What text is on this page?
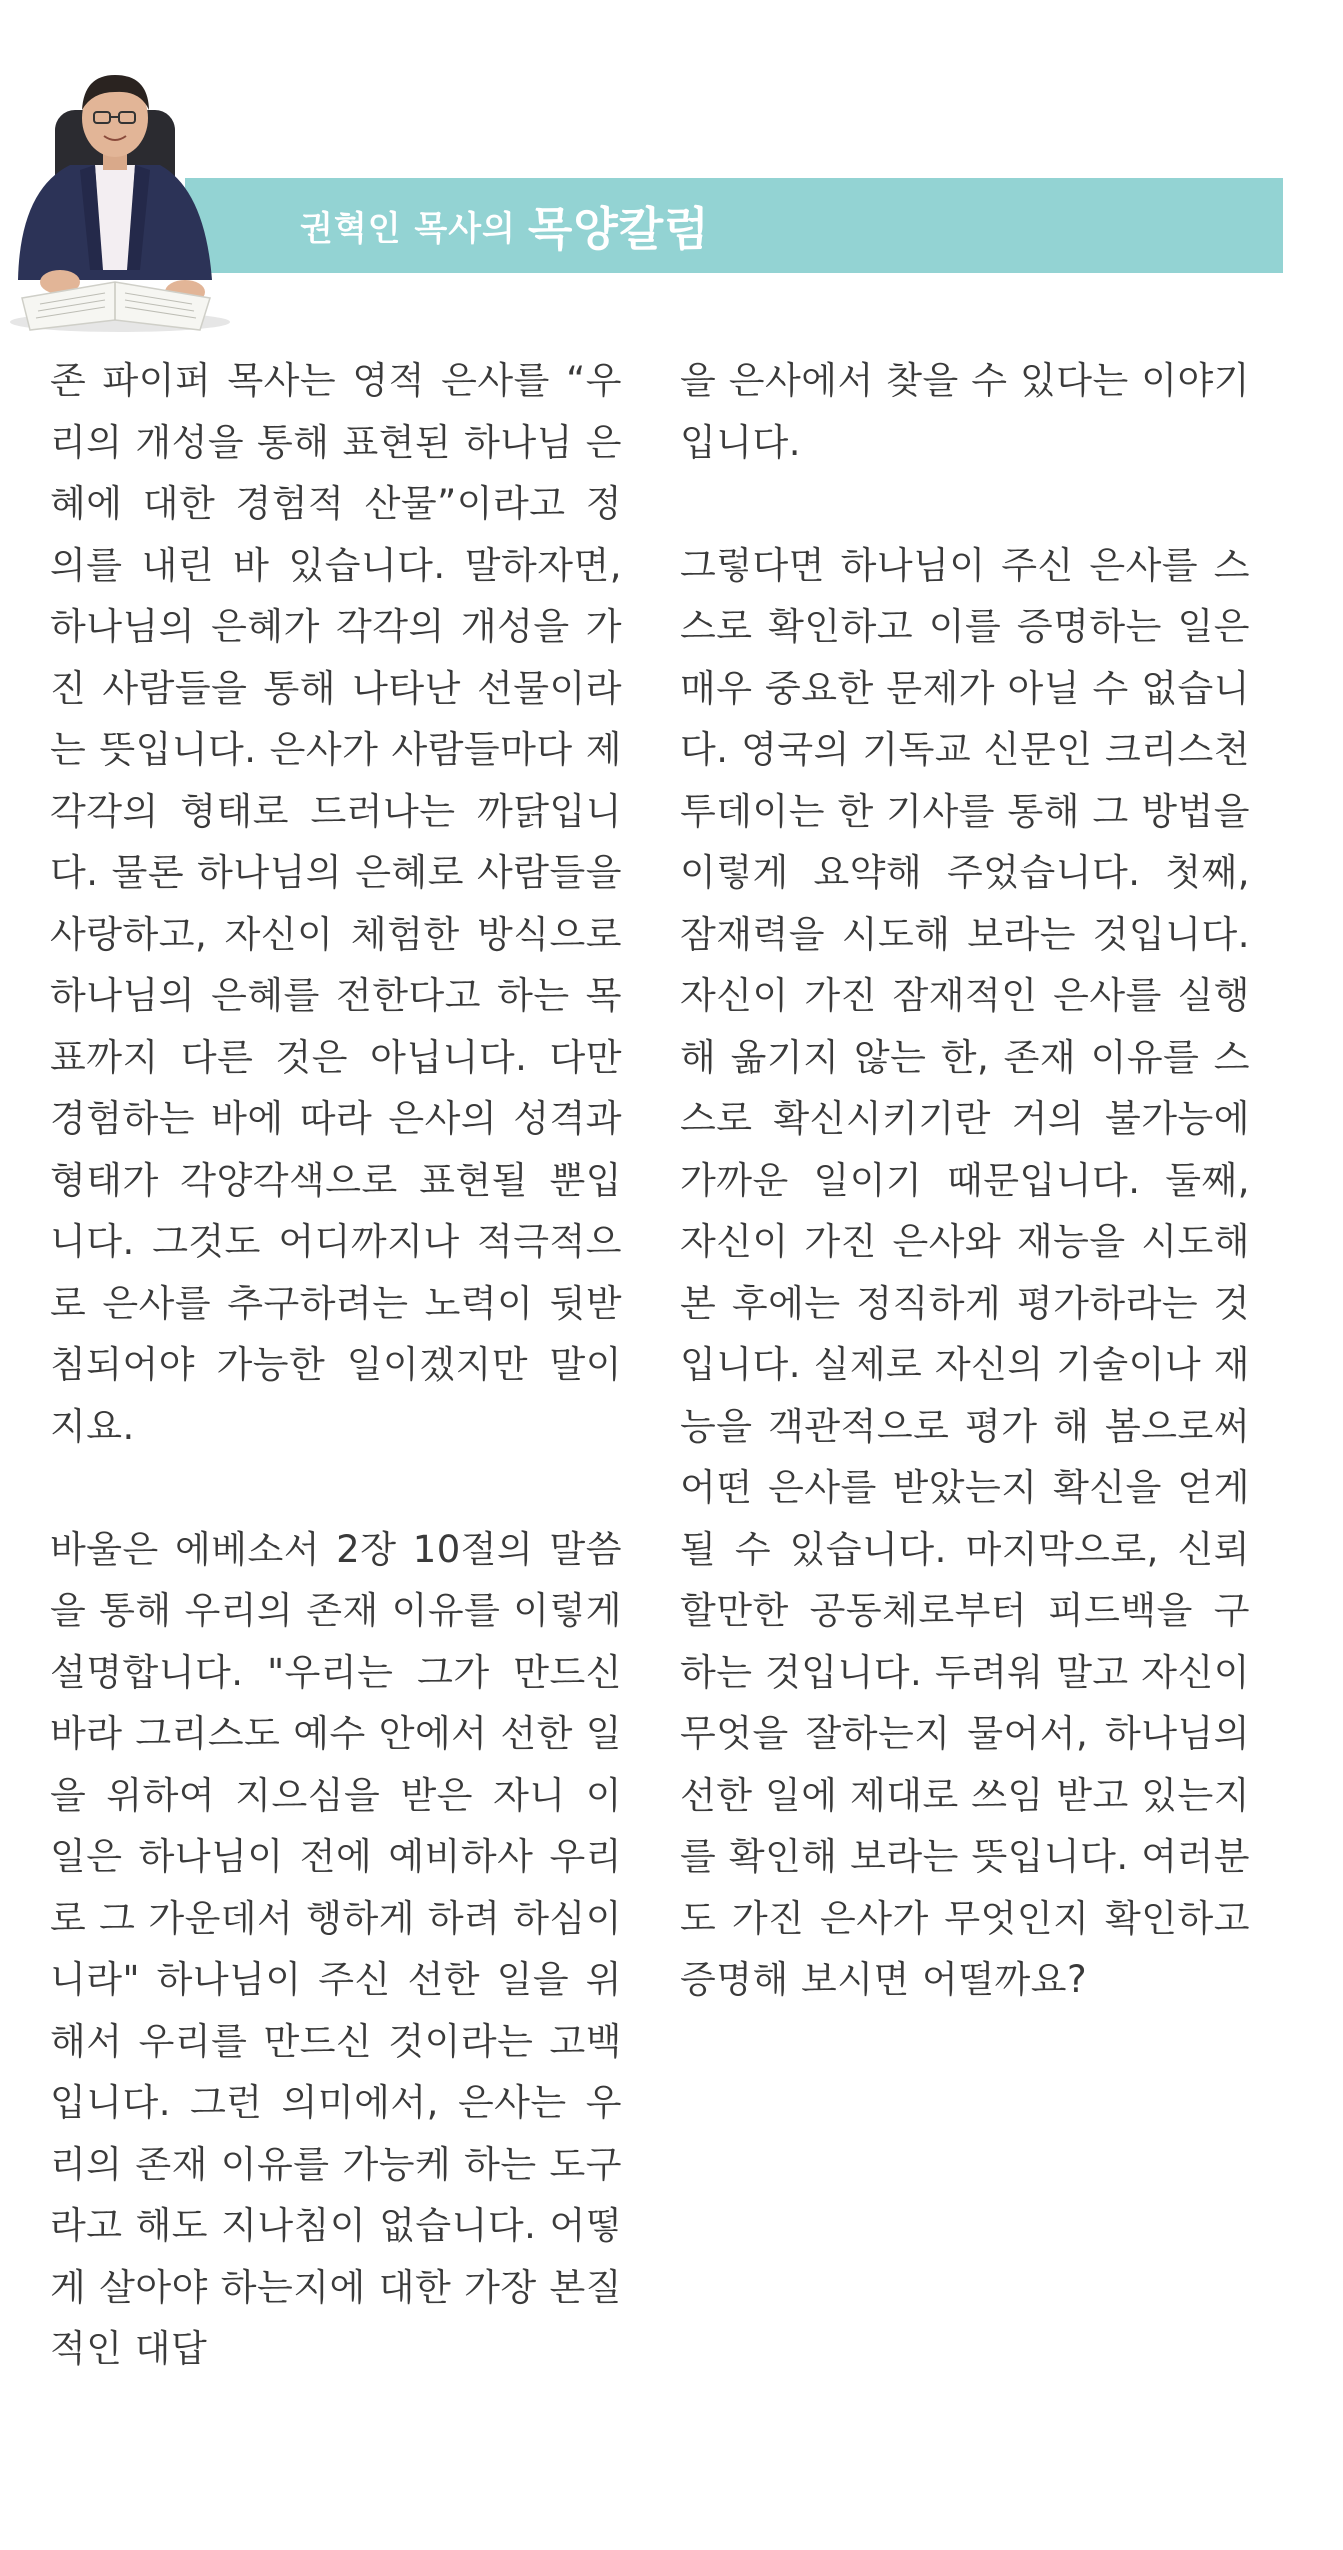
권혁인 목사의 목양칼럼

존 파이퍼 목사는 영적 은사를 “우리의 개성을 통해 표현된 하나님 은혜에 대한 경험적 산물”이라고 정의를 내린 바 있습니다. 말하자면, 하나님의 은혜가 각각의 개성을 가진 사람들을 통해 나타난 선물이라는 뜻입니다. 은사가 사람들마다 제각각의 형태로 드러나는 까닭입니다. 물론 하나님의 은혜로 사람들을 사랑하고, 자신이 체험한 방식으로 하나님의 은혜를 전한다고 하는 목표까지 다른 것은 아닙니다. 다만 경험하는 바에 따라 은사의 성격과 형태가 각양각색으로 표현될 뿐입니다. 그것도 어디까지나 적극적으로 은사를 추구하려는 노력이 뒷받침되어야 가능한 일이겠지만 말이지요.

바울은 에베소서 2장 10절의 말씀을 통해 우리의 존재 이유를 이렇게 설명합니다. "우리는 그가 만드신 바라 그리스도 예수 안에서 선한 일을 위하여 지으심을 받은 자니 이 일은 하나님이 전에 예비하사 우리로 그 가운데서 행하게 하려 하심이니라" 하나님이 주신 선한 일을 위해서 우리를 만드신 것이라는 고백입니다. 그런 의미에서, 은사는 우리의 존재 이유를 가능케 하는 도구라고 해도 지나침이 없습니다. 어떻게 살아야 하는지에 대한 가장 본질적인 대답

을 은사에서 찾을 수 있다는 이야기입니다.

그렇다면 하나님이 주신 은사를 스스로 확인하고 이를 증명하는 일은 매우 중요한 문제가 아닐 수 없습니다. 영국의 기독교 신문인 크리스천투데이는 한 기사를 통해 그 방법을 이렇게 요약해 주었습니다. 첫째, 잠재력을 시도해 보라는 것입니다. 자신이 가진 잠재적인 은사를 실행해 옮기지 않는 한, 존재 이유를 스스로 확신시키기란 거의 불가능에 가까운 일이기 때문입니다. 둘째, 자신이 가진 은사와 재능을 시도해 본 후에는 정직하게 평가하라는 것입니다. 실제로 자신의 기술이나 재능을 객관적으로 평가 해 봄으로써 어떤 은사를 받았는지 확신을 얻게 될 수 있습니다. 마지막으로, 신뢰할만한 공동체로부터 피드백을 구하는 것입니다. 두려워 말고 자신이 무엇을 잘하는지 물어서, 하나님의 선한 일에 제대로 쓰임 받고 있는지를 확인해 보라는 뜻입니다. 여러분도 가진 은사가 무엇인지 확인하고 증명해 보시면 어떨까요?
